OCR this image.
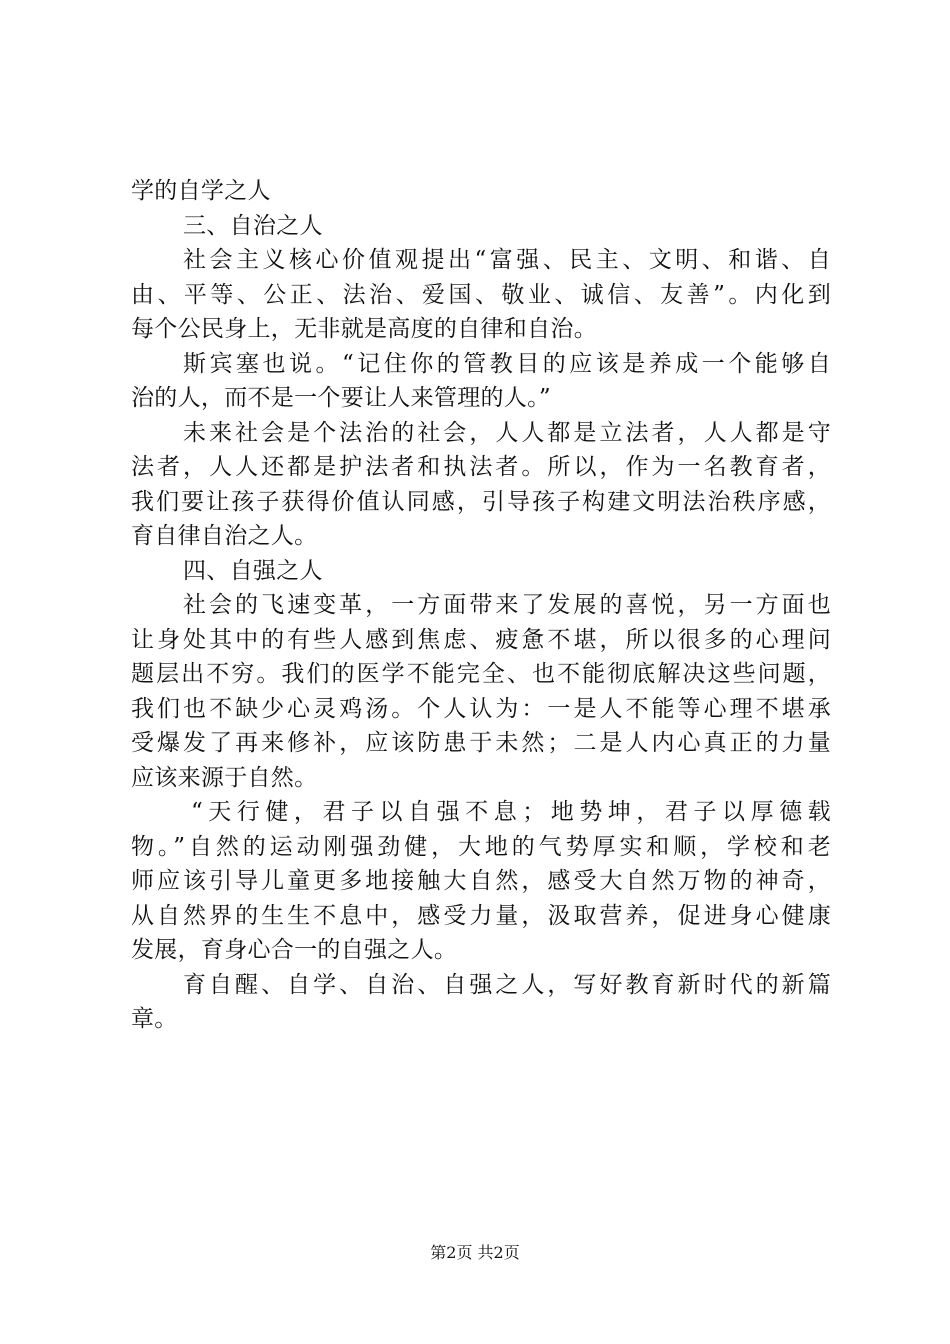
学的自学之人
三、自治之人
社会主义核心价值观提出“富强、民主、文明、和谐、自
由、平等、公正、法治、爱国、敬业、诚信、友善”。内化到
每个公民身上，无非就是高度的自律和自治。
斯宾塞也说。“记住你的管教目的应该是养成一个能够自
治的人，而不是一个要让人来管理的人。”
未来社会是个法治的社会，人人都是立法者，人人都是守
法者，人人还都是护法者和执法者。所以，作为一名教育者，
我们要让孩子获得价值认同感，引导孩子构建文明法治秩序感，
育自律自治之人。
四、自强之人
社会的飞速变革，一方面带来了发展的喜悦，另一方面也
让身处其中的有些人感到焦虑、疲惫不堪，所以很多的心理问
题层出不穷。我们的医学不能完全、也不能彻底解决这些问题，
我们也不缺少心灵鸡汤。个人认为：一是人不能等心理不堪承
受爆发了再来修补，应该防患于未然；二是人内心真正的力量
应该来源于自然。
“天行健，君子以自强不息；地势坤，君子以厚德载
物。”自然的运动刚强劲健，大地的气势厚实和顺，学校和老
师应该引导儿童更多地接触大自然，感受大自然万物的神奇，
从自然界的生生不息中，感受力量，汲取营养，促进身心健康
发展，育身心合一的自强之人。
育自醒、自学、自治、自强之人，写好教育新时代的新篇
章。
第2页 共2页
